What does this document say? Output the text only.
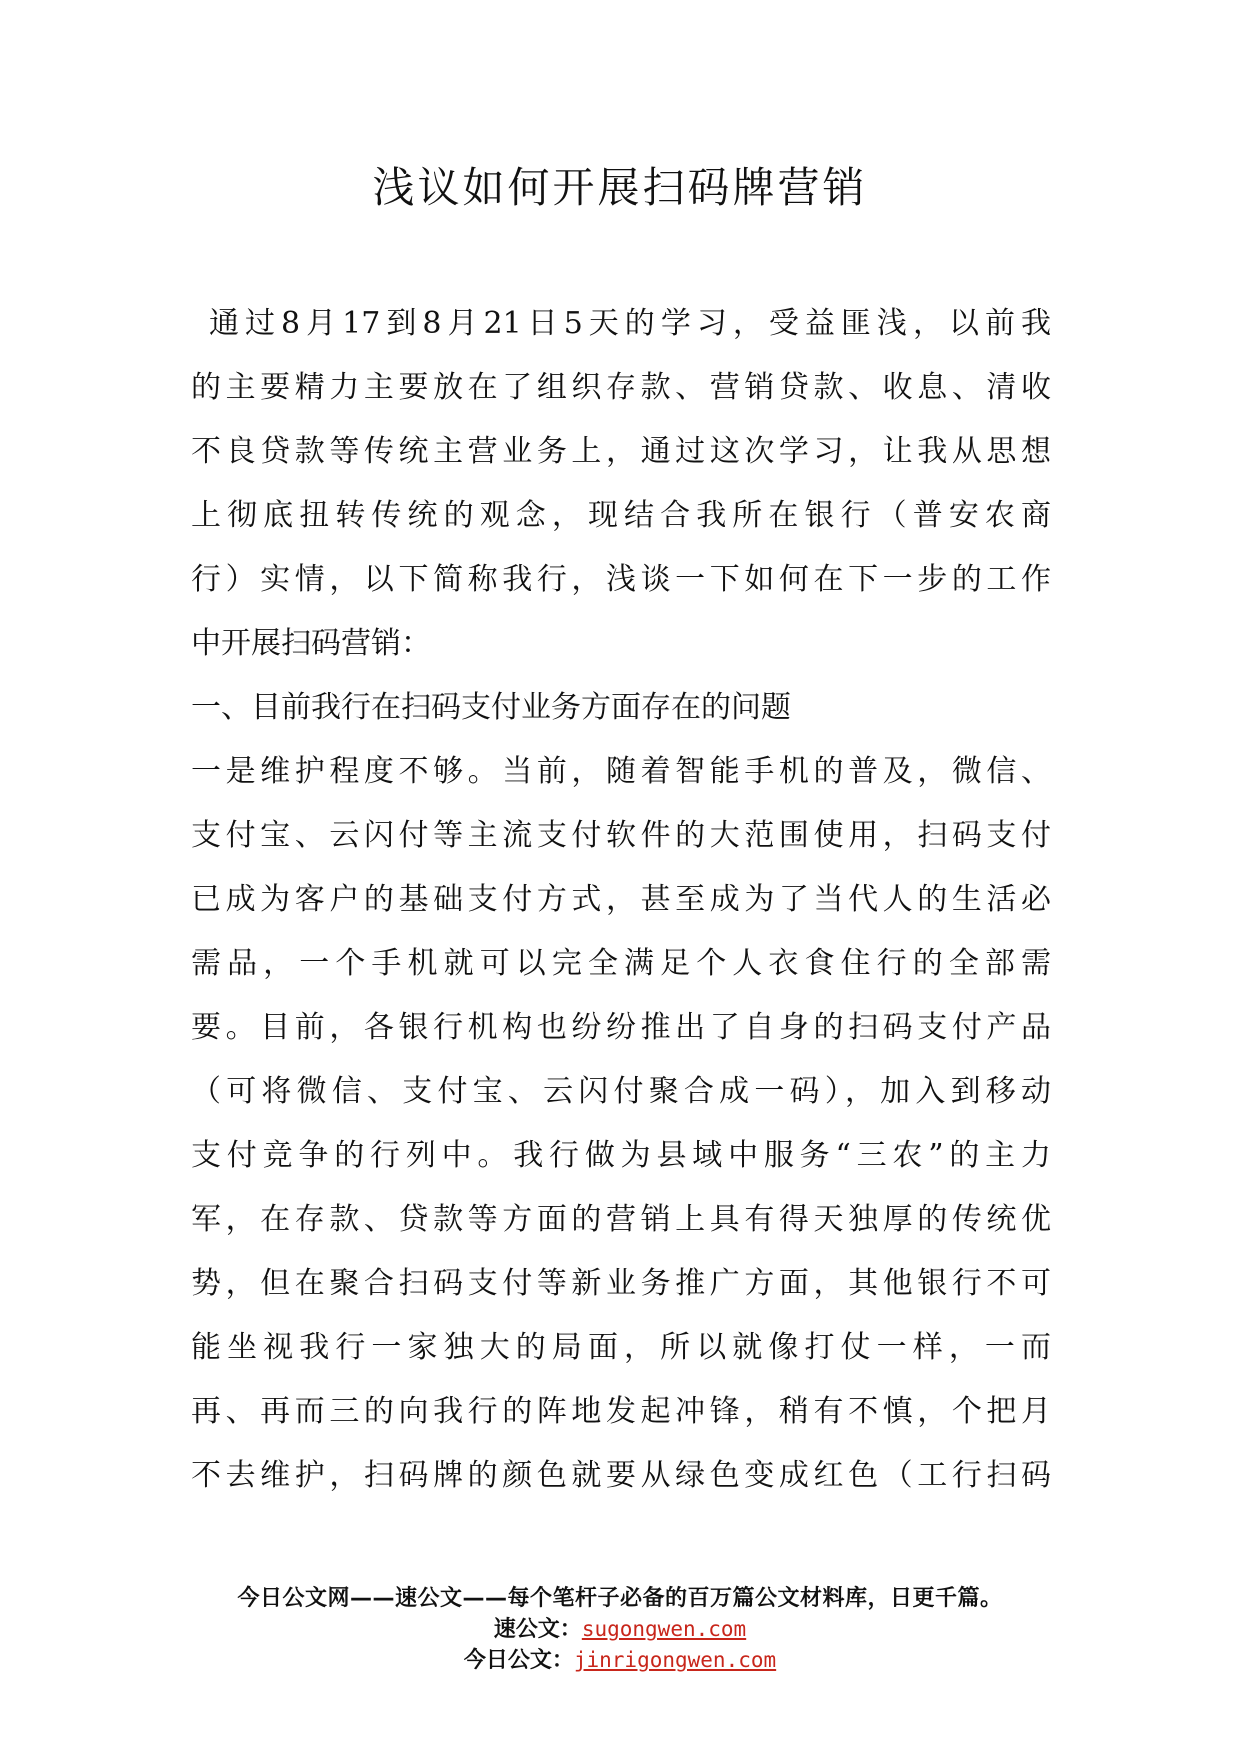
浅议如何开展扫码牌营销
通过8月17到8月21日5天的学习，受益匪浅，以前我
的主要精力主要放在了组织存款、营销贷款、收息、清收
不良贷款等传统主营业务上，通过这次学习，让我从思想
上彻底扭转传统的观念，现结合我所在银行（普安农商
行）实情，以下简称我行，浅谈一下如何在下一步的工作
中开展扫码营销：
一、目前我行在扫码支付业务方面存在的问题
一是维护程度不够。当前，随着智能手机的普及，微信、
支付宝、云闪付等主流支付软件的大范围使用，扫码支付
已成为客户的基础支付方式，甚至成为了当代人的生活必
需品，一个手机就可以完全满足个人衣食住行的全部需
要。目前，各银行机构也纷纷推出了自身的扫码支付产品
（可将微信、支付宝、云闪付聚合成一码），加入到移动
支付竞争的行列中。我行做为县域中服务“三农”的主力
军，在存款、贷款等方面的营销上具有得天独厚的传统优
势，但在聚合扫码支付等新业务推广方面，其他银行不可
能坐视我行一家独大的局面，所以就像打仗一样，一而
再、再而三的向我行的阵地发起冲锋，稍有不慎，个把月
不去维护，扫码牌的颜色就要从绿色变成红色（工行扫码
今日公文网——速公文——每个笔杆子必备的百万篇公文材料库，日更千篇。
速公文：sugongwen.com
今日公文：jinrigongwen.com
